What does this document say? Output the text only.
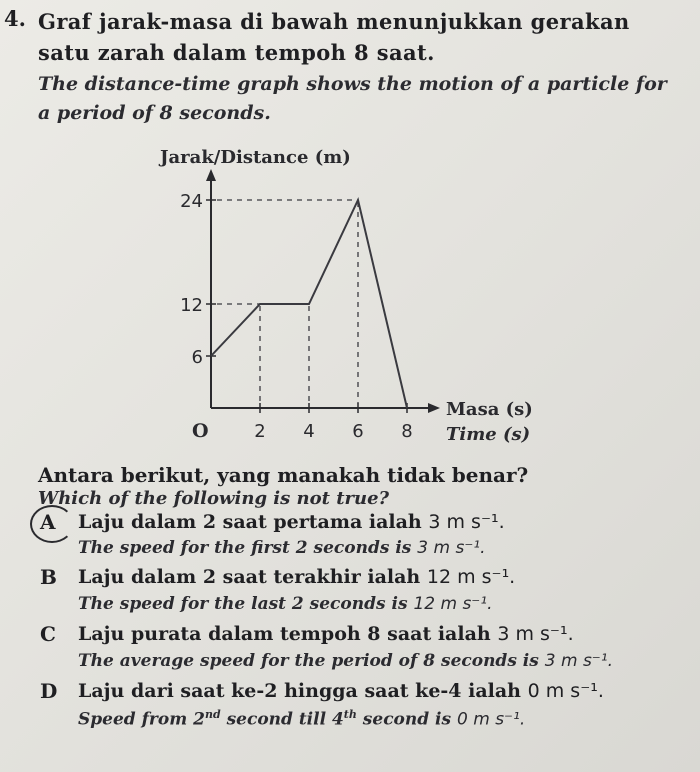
4. Graf jarak-masa di bawah menunjukkan gerakan
satu zarah dalam tempoh 8 saat.
The distance-time graph shows the motion of a particle for
a period of 8 seconds.
Jarak/Distance (m)
O	2 4 6 8
6
12
24
Masa (s)
Time (s)
Antara berikut, yang manakah tidak benar?
Which of the following is not true?
A Laju dalam 2 saat pertama ialah 3 m s⁻¹.
The speed for the first 2 seconds is 3 m s⁻¹.
B Laju dalam 2 saat terakhir ialah 12 m s⁻¹.
The speed for the last 2 seconds is 12 m s⁻¹.
C Laju purata dalam tempoh 8 saat ialah 3 m s⁻¹.
The average speed for the period of 8 seconds is 3 m s⁻¹.
D Laju dari saat ke-2 hingga saat ke-4 ialah 0 m s⁻¹.
Speed from 2nd second till 4th second is 0 m s⁻¹.
